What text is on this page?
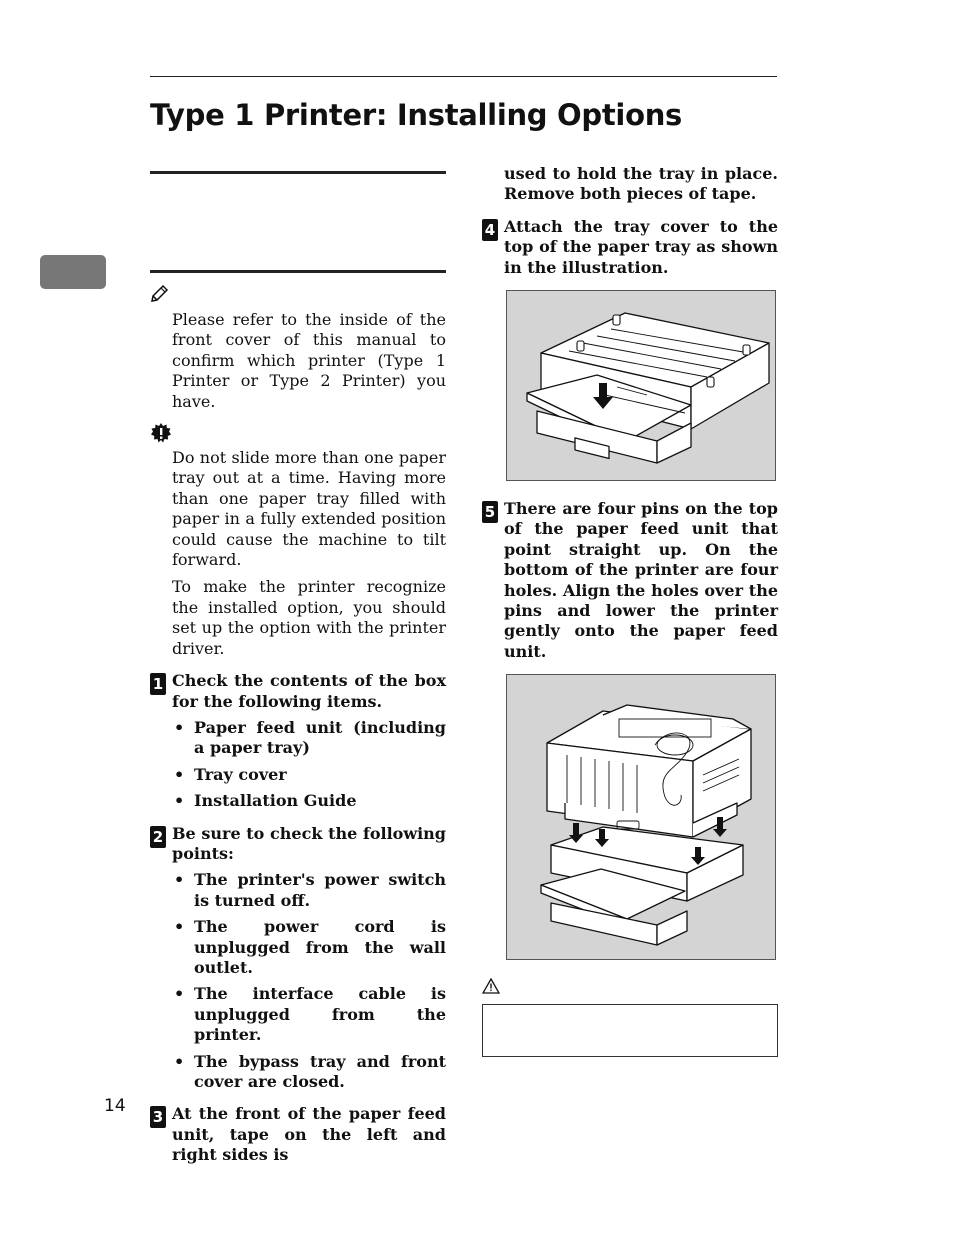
Type 1 Printer: Installing Options

Please refer to the inside of the front cover of this manual to confirm which printer (Type 1 Printer or Type 2 Printer) you have.

Do not slide more than one paper tray out at a time. Having more than one paper tray filled with paper in a fully extended position could cause the machine to tilt forward.

To make the printer recognize the installed option, you should set up the option with the printer driver.

1 Check the contents of the box for the following items.

• Paper feed unit (including a paper tray)
• Tray cover
• Installation Guide
2 Be sure to check the following points:

• The printer's power switch is turned off.
• The power cord is unplugged from the wall outlet.
• The interface cable is unplugged from the printer.
• The bypass tray and front cover are closed.
3 At the front of the paper feed unit, tape on the left and right sides is

used to hold the tray in place. Remove both pieces of tape.

4 Attach the tray cover to the top of the paper tray as shown in the illustration.

5 There are four pins on the top of the paper feed unit that point straight up. On the bottom of the printer are four holes. Align the holes over the pins and lower the printer gently onto the paper feed unit.

14
